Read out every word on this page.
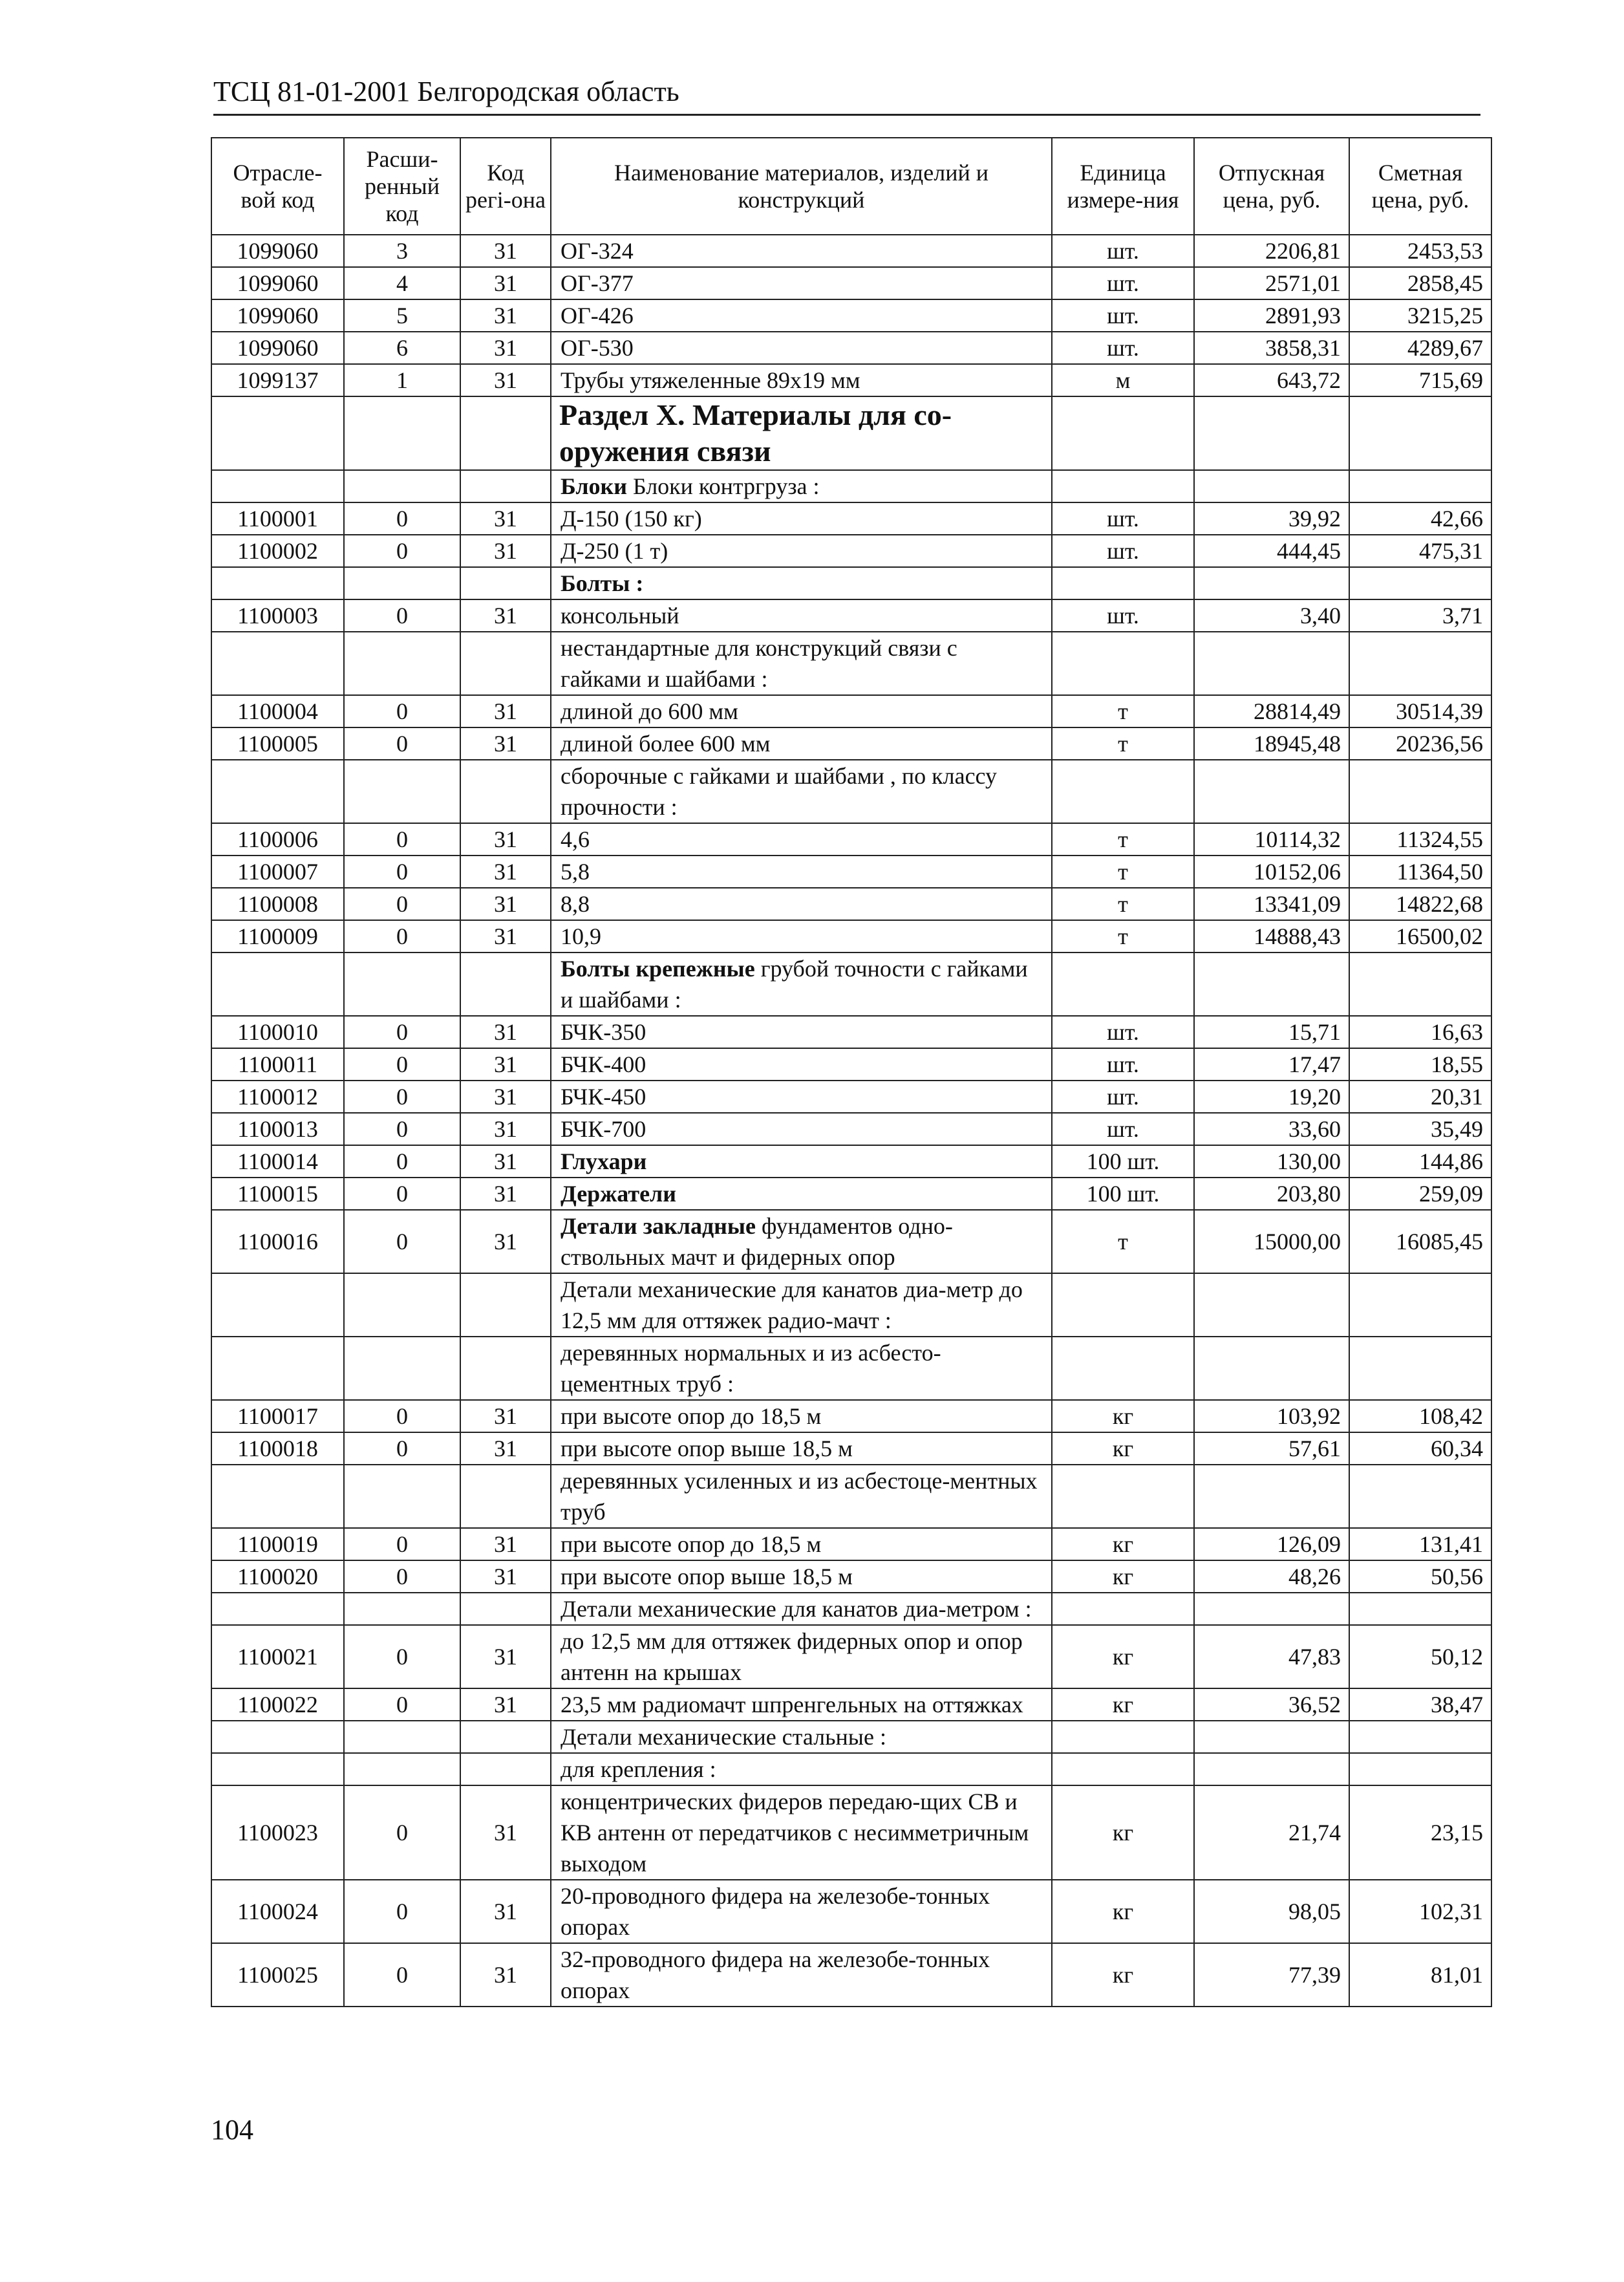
ТСЦ 81-01-2001 Белгородская область
Отрасле-вой код	Расши-ренный код	Код регi-она	Наименование материалов, изделий и конструкций	Единица измере-ния	Отпускная цена, руб.	Сметная цена, руб.
1099060	3	31	ОГ-324	шт.	2206,81	2453,53
1099060	4	31	ОГ-377	шт.	2571,01	2858,45
1099060	5	31	ОГ-426	шт.	2891,93	3215,25
1099060	6	31	ОГ-530	шт.	3858,31	4289,67
1099137	1	31	Трубы утяжеленные 89х19 мм	м	643,72	715,69
			Раздел X. Материалы для со-оружения связи			
			Блоки Блоки контргруза :			
1100001	0	31	Д-150 (150 кг)	шт.	39,92	42,66
1100002	0	31	Д-250 (1 т)	шт.	444,45	475,31
			Болты :			
1100003	0	31	консольный	шт.	3,40	3,71
			нестандартные для конструкций связи с гайками и шайбами :			
1100004	0	31	длиной до 600 мм	т	28814,49	30514,39
1100005	0	31	длиной более 600 мм	т	18945,48	20236,56
			сборочные с гайками и шайбами , по классу прочности :			
1100006	0	31	4,6	т	10114,32	11324,55
1100007	0	31	5,8	т	10152,06	11364,50
1100008	0	31	8,8	т	13341,09	14822,68
1100009	0	31	10,9	т	14888,43	16500,02
			Болты крепежные грубой точности с гайками и шайбами :			
1100010	0	31	БЧК-350	шт.	15,71	16,63
1100011	0	31	БЧК-400	шт.	17,47	18,55
1100012	0	31	БЧК-450	шт.	19,20	20,31
1100013	0	31	БЧК-700	шт.	33,60	35,49
1100014	0	31	Глухари	100 шт.	130,00	144,86
1100015	0	31	Держатели	100 шт.	203,80	259,09
1100016	0	31	Детали закладные фундаментов одно-ствольных мачт и фидерных опор	т	15000,00	16085,45
			Детали механические для канатов диа-метр до 12,5 мм для оттяжек радио-мачт :			
			деревянных нормальных и из асбесто-цементных труб :			
1100017	0	31	при высоте опор до 18,5 м	кг	103,92	108,42
1100018	0	31	при высоте опор выше 18,5 м	кг	57,61	60,34
			деревянных усиленных и из асбестоце-ментных труб			
1100019	0	31	при высоте опор до 18,5 м	кг	126,09	131,41
1100020	0	31	при высоте опор выше 18,5 м	кг	48,26	50,56
			Детали механические для канатов диа-метром :			
1100021	0	31	до 12,5 мм для оттяжек фидерных опор и опор антенн на крышах	кг	47,83	50,12
1100022	0	31	23,5 мм радиомачт шпренгельных на оттяжках	кг	36,52	38,47
			Детали механические стальные :			
			для крепления :			
1100023	0	31	концентрических фидеров передаю-щих СВ и КВ антенн от передатчиков с несимметричным выходом	кг	21,74	23,15
1100024	0	31	20-проводного фидера на железобе-тонных опорах	кг	98,05	102,31
1100025	0	31	32-проводного фидера на железобе-тонных опорах	кг	77,39	81,01
104
